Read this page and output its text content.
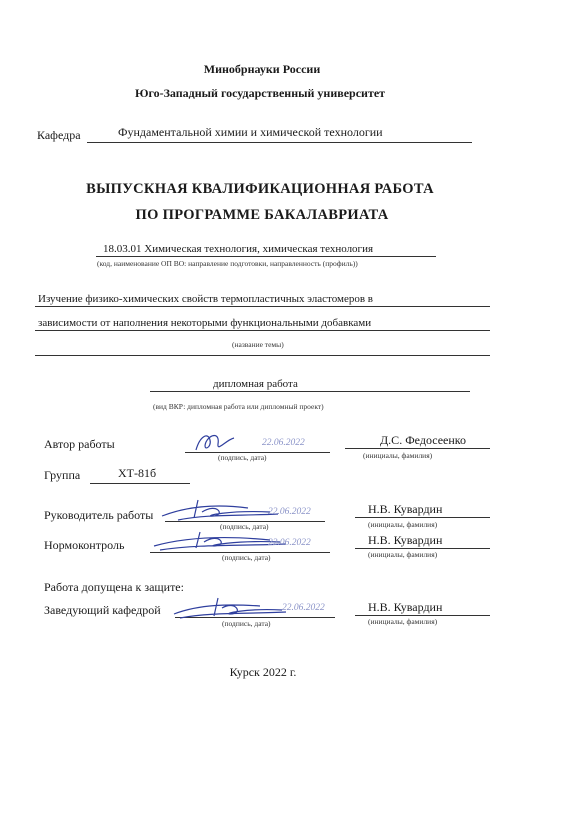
Минобрнауки России
Юго-Западный государственный университет
Кафедра	Фундаментальной химии и химической технологии
ВЫПУСКНАЯ КВАЛИФИКАЦИОННАЯ РАБОТА
ПО ПРОГРАММЕ БАКАЛАВРИАТА
18.03.01 Химическая технология, химическая технология
(код, наименование ОП ВО: направление подготовки, направленность (профиль))
Изучение физико-химических свойств термопластичных эластомеров в
зависимости от наполнения некоторыми функциональными добавками
(название темы)
дипломная работа
(вид ВКР: дипломная работа или дипломный проект)
Автор работы	22.06.2022
(подпись, дата)
Д.С. Федосеенко
(инициалы, фамилия)
Группа	ХТ-81б
Руководитель работы	22.06.2022
(подпись, дата)
Н.В. Кувардин
(инициалы, фамилия)
Нормоконтроль	22.06.2022
(подпись, дата)
Н.В. Кувардин
(инициалы, фамилия)
Работа допущена к защите:
Заведующий кафедрой	22.06.2022
(подпись, дата)
Н.В. Кувардин
(инициалы, фамилия)
Курск 2022 г.
